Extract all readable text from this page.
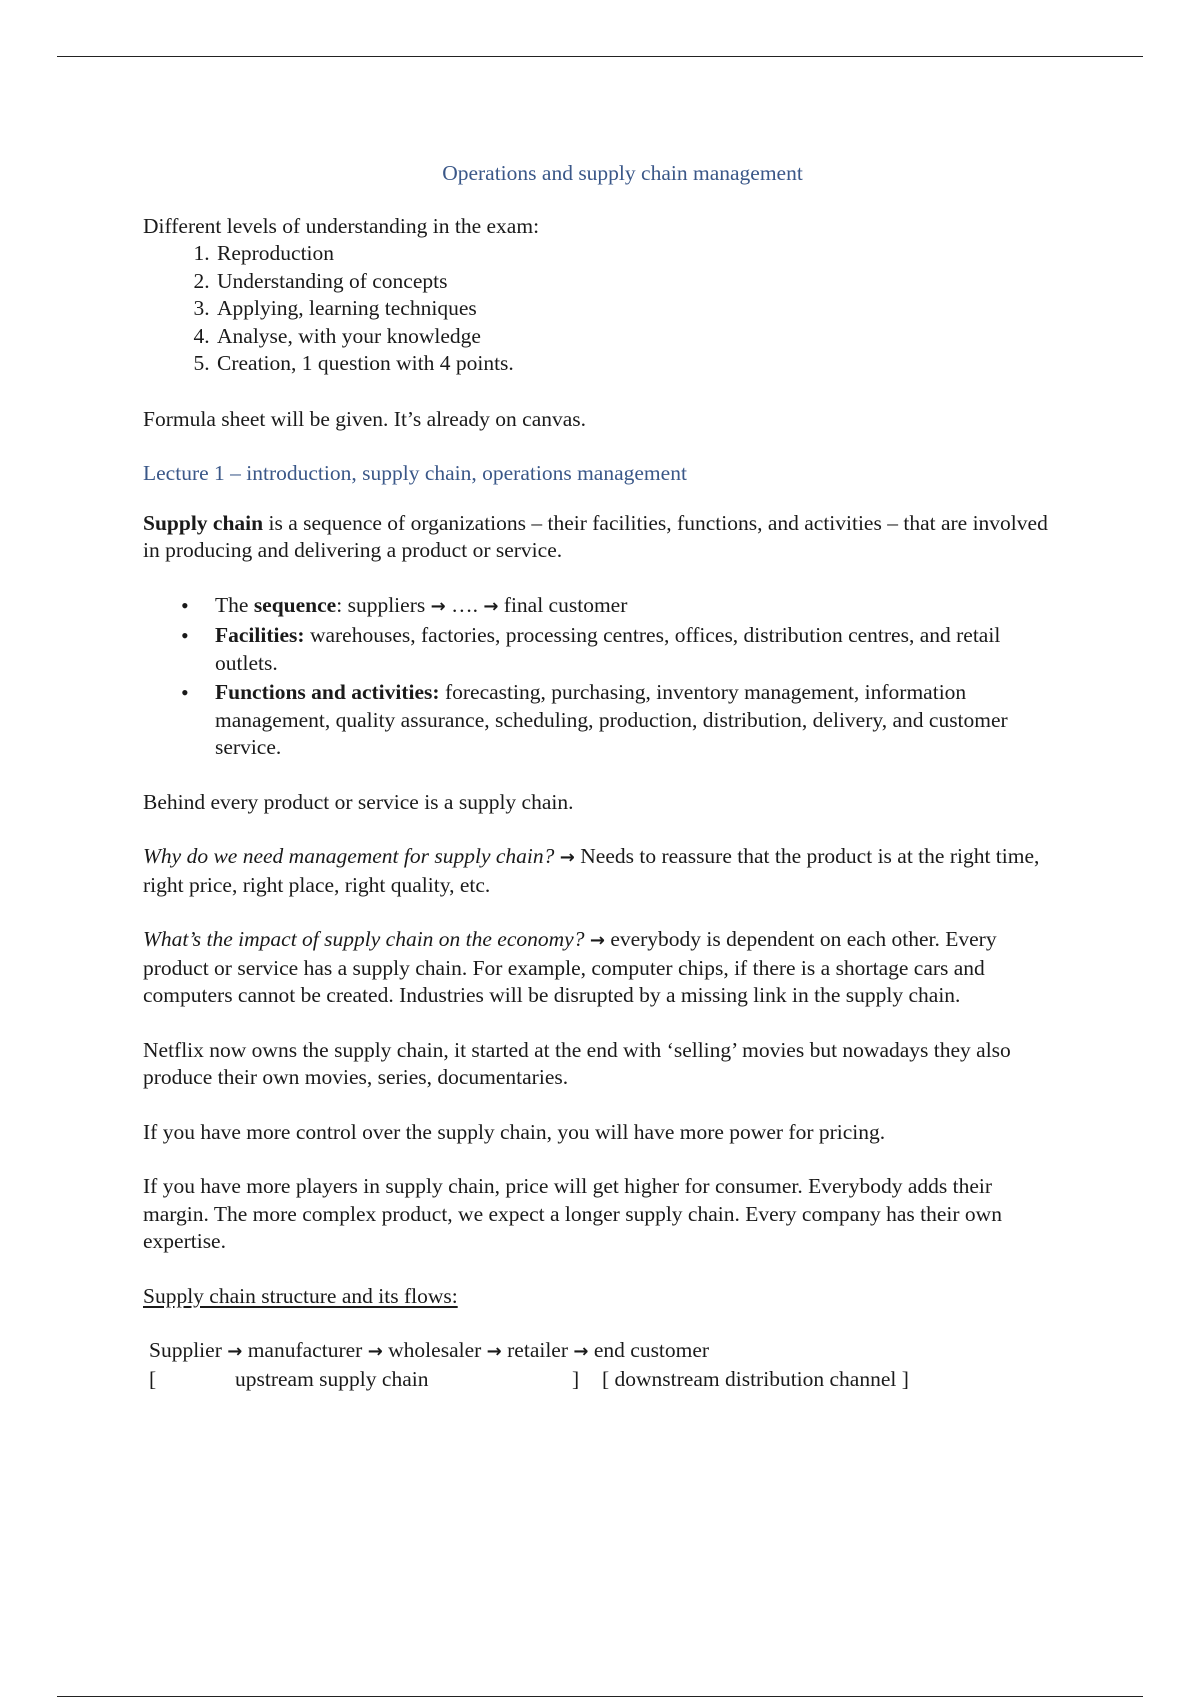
Operations and supply chain management
Different levels of understanding in the exam:
1. Reproduction
2. Understanding of concepts
3. Applying, learning techniques
4. Analyse, with your knowledge
5. Creation, 1 question with 4 points.

Formula sheet will be given. It’s already on canvas.

Lecture 1 – introduction, supply chain, operations management

Supply chain is a sequence of organizations – their facilities, functions, and activities – that are involved in producing and delivering a product or service.

• The sequence: suppliers → …. → final customer
• Facilities: warehouses, factories, processing centres, offices, distribution centres, and retail outlets.
• Functions and activities: forecasting, purchasing, inventory management, information management, quality assurance, scheduling, production, distribution, delivery, and customer service.

Behind every product or service is a supply chain.

Why do we need management for supply chain? → Needs to reassure that the product is at the right time, right price, right place, right quality, etc.

What’s the impact of supply chain on the economy? → everybody is dependent on each other. Every product or service has a supply chain. For example, computer chips, if there is a shortage cars and computers cannot be created. Industries will be disrupted by a missing link in the supply chain.

Netflix now owns the supply chain, it started at the end with ‘selling’ movies but nowadays they also produce their own movies, series, documentaries.

If you have more control over the supply chain, you will have more power for pricing.

If you have more players in supply chain, price will get higher for consumer. Everybody adds their margin. The more complex product, we expect a longer supply chain. Every company has their own expertise.

Supply chain structure and its flows:

Supplier → manufacturer → wholesaler → retailer → end customer
[	upstream supply chain	] [ downstream distribution channel ]
